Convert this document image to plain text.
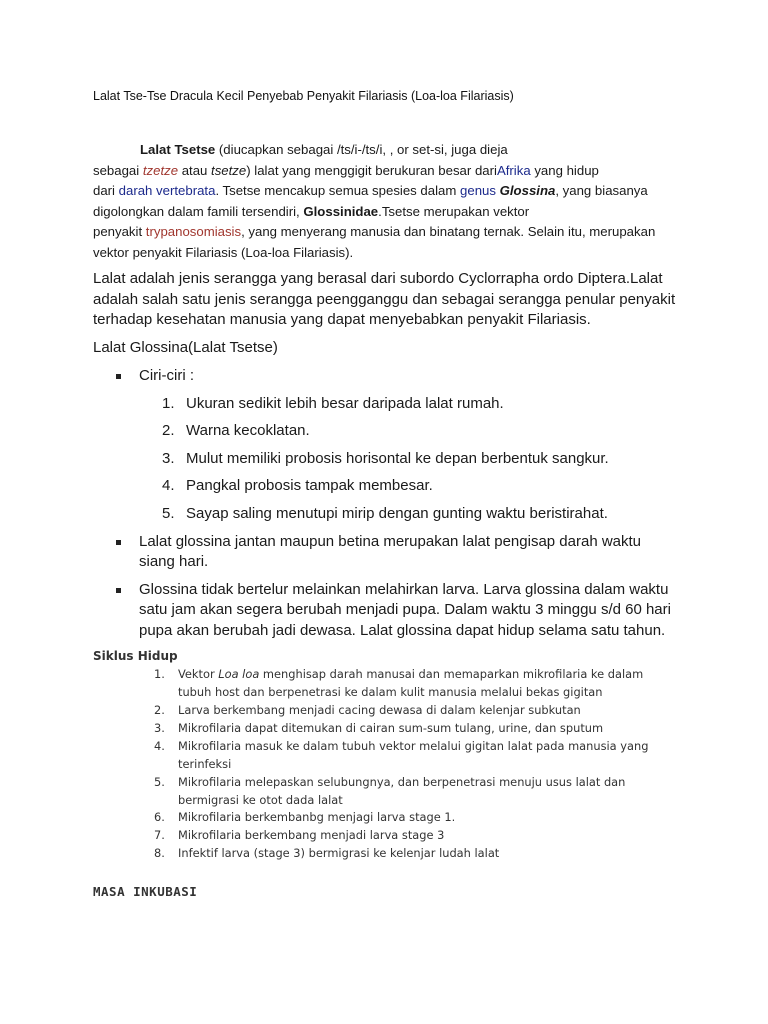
Lalat Tse-Tse Dracula Kecil Penyebab Penyakit Filariasis (Loa-loa Filariasis)
Lalat Tsetse (diucapkan sebagai /ts/i-/ts/i, , or set-si, juga dieja
sebagai tzetze atau tsetze) lalat yang menggigit berukuran besar dariAfrika yang hidup
dari darah vertebrata. Tsetse mencakup semua spesies dalam genus Glossina, yang biasanya
digolongkan dalam famili tersendiri, Glossinidae.Tsetse merupakan vektor
penyakit trypanosomiasis, yang menyerang manusia dan binatang ternak. Selain itu, merupakan
vektor penyakit Filariasis (Loa-loa Filariasis).
Lalat adalah jenis serangga yang berasal dari subordo Cyclorrapha ordo Diptera.Lalat
adalah salah satu jenis serangga peengganggu dan sebagai serangga penular penyakit
terhadap kesehatan manusia yang dapat menyebabkan penyakit Filariasis.
Lalat Glossina(Lalat Tsetse)
Ciri-ciri :
1. Ukuran sedikit lebih besar daripada lalat rumah.
2. Warna kecoklatan.
3. Mulut memiliki probosis horisontal ke depan berbentuk sangkur.
4. Pangkal probosis tampak membesar.
5. Sayap saling menutupi mirip dengan gunting waktu beristirahat.
Lalat glossina jantan maupun betina merupakan lalat pengisap darah waktu
siang hari.
Glossina tidak bertelur melainkan melahirkan larva. Larva glossina dalam waktu
satu jam akan segera berubah menjadi pupa. Dalam waktu 3 minggu s/d 60 hari
pupa akan berubah jadi dewasa. Lalat glossina dapat hidup selama satu tahun.
Siklus Hidup
1. Vektor Loa loa menghisap darah manusai dan memaparkan mikrofilaria ke dalam
tubuh host dan berpenetrasi ke dalam kulit manusia melalui bekas gigitan
2. Larva berkembang menjadi cacing dewasa di dalam kelenjar subkutan
3. Mikrofilaria dapat ditemukan di cairan sum-sum tulang, urine, dan sputum
4. Mikrofilaria masuk ke dalam tubuh vektor melalui gigitan lalat pada manusia yang
terinfeksi
5. Mikrofilaria melepaskan selubungnya, dan berpenetrasi menuju usus lalat dan
bermigrasi ke otot dada lalat
6. Mikrofilaria berkembanbg menjagi larva stage 1.
7. Mikrofilaria berkembang menjadi larva stage 3
8. Infektif larva (stage 3) bermigrasi ke kelenjar ludah lalat
MASA INKUBASI
